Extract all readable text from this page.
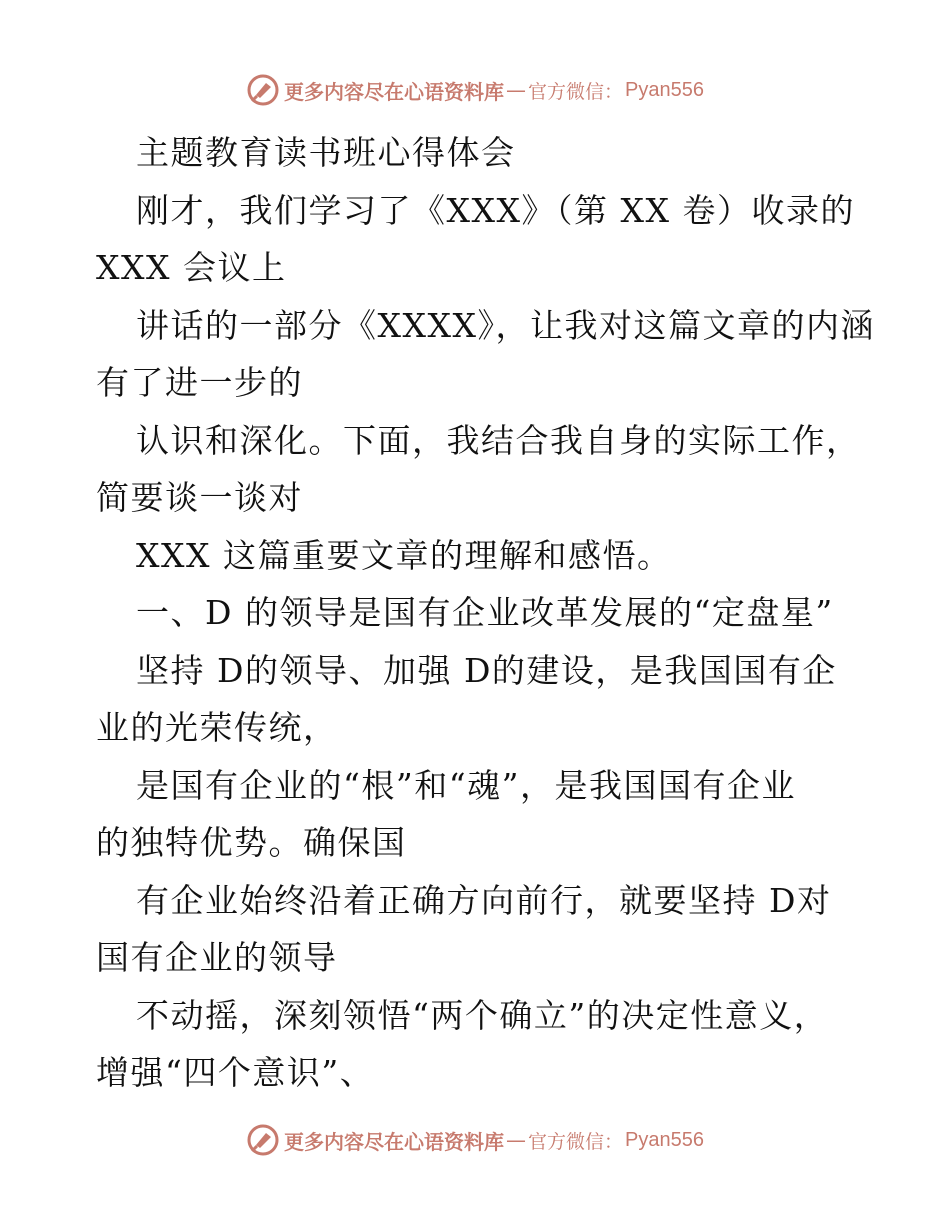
更多内容尽在心语资料库 — 官方微信： Pyan556
主题教育读书班心得体会
刚才，我们学习了《XXX》（第 XX 卷）收录的
XXX 会议上
讲话的一部分《XXXX》，让我对这篇文章的内涵
有了进一步的
认识和深化。下面，我结合我自身的实际工作，
简要谈一谈对
XXX 这篇重要文章的理解和感悟。
一、D 的领导是国有企业改革发展的“定盘星”
坚持 D的领导、加强 D的建设，是我国国有企
业的光荣传统，
是国有企业的“根”和“魂”，是我国国有企业
的独特优势。确保国
有企业始终沿着正确方向前行，就要坚持 D对
国有企业的领导
不动摇，深刻领悟“两个确立”的决定性意义，
增强“四个意识”、
更多内容尽在心语资料库 — 官方微信： Pyan556
